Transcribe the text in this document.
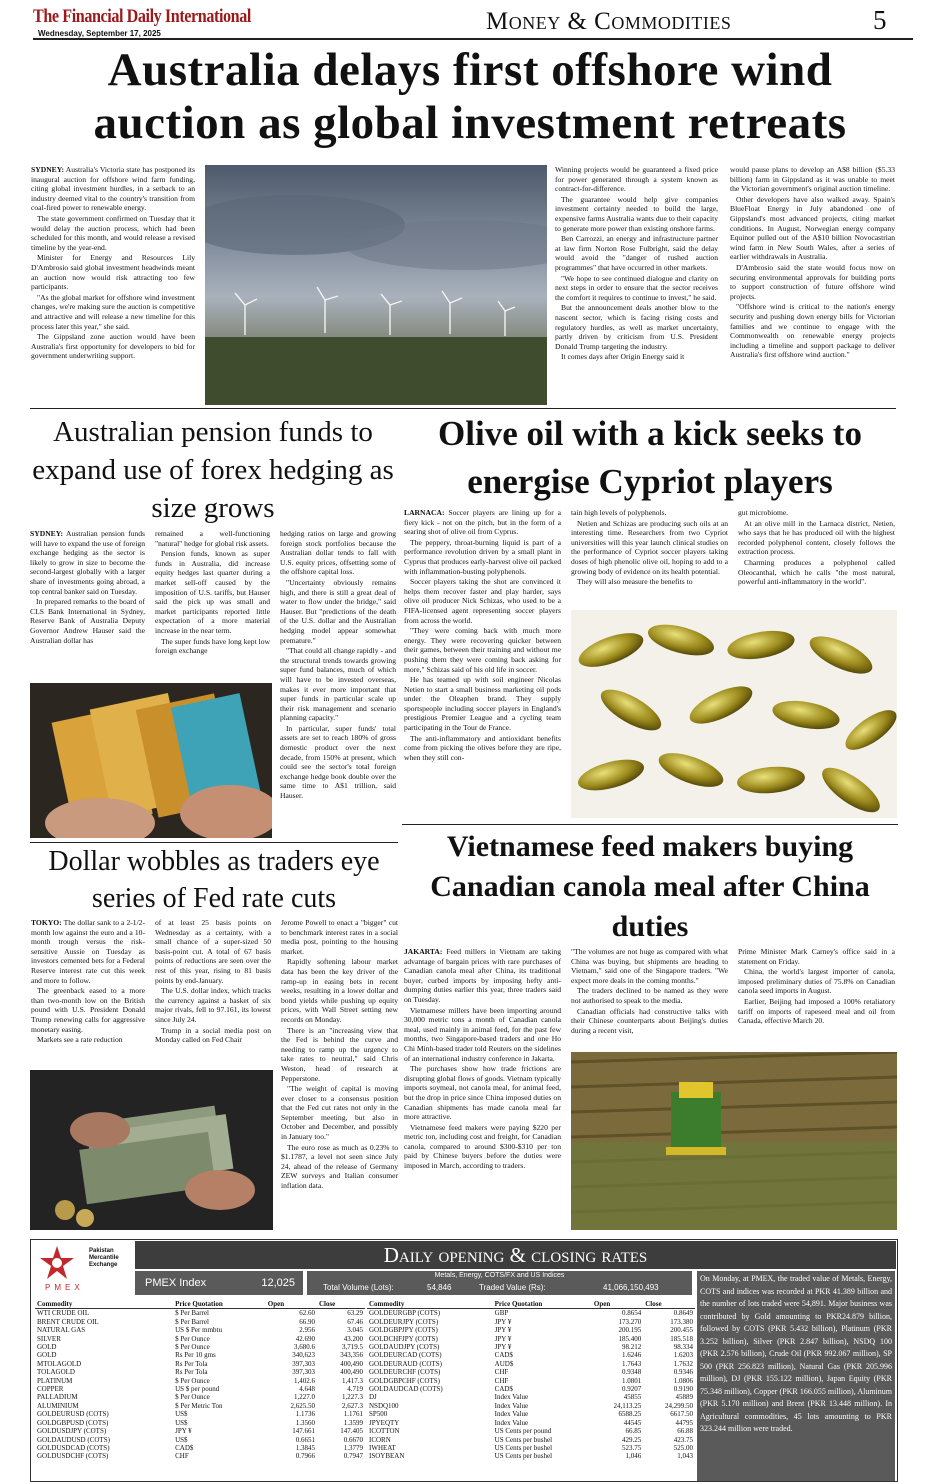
The Financial Daily International
Wednesday, September 17, 2025	Money & Commodities	5
Australia delays first offshore wind auction as global investment retreats

SYDNEY: Australia's Victoria state has postponed its inaugural auction for offshore wind farm funding, citing global investment hurdles, in a setback to an industry deemed vital to the country's transition from coal-fired power to renewable energy.

The state government confirmed on Tuesday that it would delay the auction process, which had been scheduled for this month, and would release a revised timeline by the year-end.

Minister for Energy and Resources Lily D'Ambrosio said global investment headwinds meant an auction now would risk attracting too few participants.

"As the global market for offshore wind investment changes, we're making sure the auction is competitive and attractive and will release a new timeline for this process later this year," she said.

The Gippsland zone auction would have been Australia's first opportunity for developers to bid for government underwriting support.

Winning projects would be guaranteed a fixed price for power generated through a system known as contract-for-difference.

The guarantee would help give companies investment certainty needed to build the large, expensive farms Australia wants due to their capacity to generate more power than existing onshore farms.

Ben Carrozzi, an energy and infrastructure partner at law firm Norton Rose Fulbright, said the delay would avoid the "danger of rushed auction programmes" that have occurred in other markets.

"We hope to see continued dialogue and clarity on next steps in order to ensure that the sector receives the comfort it requires to continue to invest," he said.

But the announcement deals another blow to the nascent sector, which is facing rising costs and regulatory hurdles, as well as market uncertainty, partly driven by criticism from U.S. President Donald Trump targeting the industry.

It comes days after Origin Energy said it

would pause plans to develop an A$8 billion ($5.33 billion) farm in Gippsland as it was unable to meet the Victorian government's original auction timeline.

Other developers have also walked away. Spain's BlueFloat Energy in July abandoned one of Gippsland's most advanced projects, citing market conditions. In August, Norwegian energy company Equinor pulled out of the A$10 billion Novocastrian wind farm in New South Wales, after a series of earlier withdrawals in Australia.

D'Ambrosio said the state would focus now on securing environmental approvals for building ports to support construction of future offshore wind projects.

"Offshore wind is critical to the nation's energy security and pushing down energy bills for Victorian families and we continue to engage with the Commonwealth on renewable energy projects including a timeline and support package to deliver Australia's first offshore wind auction."

Australian pension funds to expand use of forex hedging as size grows

SYDNEY: Australian pension funds will have to expand the use of foreign exchange hedging as the sector is likely to grow in size to become the second-largest globally with a larger share of investments going abroad, a top central banker said on Tuesday.

In prepared remarks to the board of CLS Bank International in Sydney, Reserve Bank of Australia Deputy Governor Andrew Hauser said the Australian dollar has

remained a well-functioning "natural" hedge for global risk assets.

Pension funds, known as super funds in Australia, did increase equity hedges last quarter during a market sell-off caused by the imposition of U.S. tariffs, but Hauser said the pick up was small and market participants reported little expectation of a more material increase in the near term.

The super funds have long kept low foreign exchange

hedging ratios on large and growing foreign stock portfolios because the Australian dollar tends to fall with U.S. equity prices, offsetting some of the offshore capital loss.

"Uncertainty obviously remains high, and there is still a great deal of water to flow under the bridge," said Hauser. But "predictions of the death of the U.S. dollar and the Australian hedging model appear somewhat premature."

"That could all change rapidly - and the structural trends towards growing super fund balances, much of which will have to be invested overseas, makes it ever more important that super funds in particular scale up their risk management and scenario planning capacity."

In particular, super funds' total assets are set to reach 180% of gross domestic product over the next decade, from 150% at present, which could see the sector's total foreign exchange hedge book double over the same time to A$1 trillion, said Hauser.

Olive oil with a kick seeks to energise Cypriot players

LARNACA: Soccer players are lining up for a fiery kick - not on the pitch, but in the form of a searing shot of olive oil from Cyprus.

The peppery, throat-burning liquid is part of a performance revolution driven by a small plant in Cyprus that produces early-harvest olive oil packed with inflammation-busting polyphenols.

Soccer players taking the shot are convinced it helps them recover faster and play harder, says olive oil producer Nick Schizas, who used to be a FIFA-licensed agent representing soccer players from across the world.

"They were coming back with much more energy. They were recovering quicker between their games, between their training and without me pushing them they were coming back asking for more," Schizas said of his old life in soccer.

He has teamed up with soil engineer Nicolas Netien to start a small business marketing oil pods under the Oleaphen brand. They supply sportspeople including soccer players in England's prestigious Premier League and a cycling team participating in the Tour de France.

The anti-inflammatory and antioxidant benefits come from picking the olives before they are ripe, when they still con-

tain high levels of polyphenols.

Netien and Schizas are producing such oils at an interesting time. Researchers from two Cypriot universities will this year launch clinical studies on the performance of Cypriot soccer players taking doses of high phenolic olive oil, hoping to add to a growing body of evidence on its health potential.

They will also measure the benefits to

gut microbiome.

At an olive mill in the Larnaca district, Netien, who says that he has produced oil with the highest recorded polyphenol content, closely follows the extraction process.

Charming produces a polyphenol called Oleocanthal, which he calls "the most natural, powerful anti-inflammatory in the world".

Dollar wobbles as traders eye series of Fed rate cuts

TOKYO: The dollar sank to a 2-1/2-month low against the euro and a 10-month trough versus the risk-sensitive Aussie on Tuesday as investors cemented bets for a Federal Reserve interest rate cut this week and more to follow.

The greenback eased to a more than two-month low on the British pound with U.S. President Donald Trump renewing calls for aggressive monetary easing.

Markets see a rate reduction

of at least 25 basis points on Wednesday as a certainty, with a small chance of a super-sized 50 basis-point cut. A total of 67 basis points of reductions are seen over the rest of this year, rising to 81 basis points by end-January.

The U.S. dollar index, which tracks the currency against a basket of six major rivals, fell to 97.161, its lowest since July 24.

Trump in a social media post on Monday called on Fed Chair

Jerome Powell to enact a "bigger" cut to benchmark interest rates in a social media post, pointing to the housing market.

Rapidly softening labour market data has been the key driver of the ramp-up in easing bets in recent weeks, resulting in a lower dollar and bond yields while pushing up equity prices, with Wall Street setting new records on Monday.

There is an "increasing view that the Fed is behind the curve and needing to ramp up the urgency to take rates to neutral," said Chris Weston, head of research at Pepperstone.

"The weight of capital is moving ever closer to a consensus position that the Fed cut rates not only in the September meeting, but also in October and December, and possibly in January too."

The euro rose as much as 0.23% to $1.1787, a level not seen since July 24, ahead of the release of Germany ZEW surveys and Italian consumer inflation data.

Vietnamese feed makers buying Canadian canola meal after China duties

JAKARTA: Feed millers in Vietnam are taking advantage of bargain prices with rare purchases of Canadian canola meal after China, its traditional buyer, curbed imports by imposing hefty anti-dumping duties earlier this year, three traders said on Tuesday.

Vietnamese millers have been importing around 30,000 metric tons a month of Canadian canola meal, used mainly in animal feed, for the past few months, two Singapore-based traders and one Ho Chi Minh-based trader told Reuters on the sidelines of an international industry conference in Jakarta.

The purchases show how trade frictions are disrupting global flows of goods. Vietnam typically imports soymeal, not canola meal, for animal feed, but the drop in price since China imposed duties on Canadian shipments has made canola meal far more attractive.

Vietnamese feed makers were paying $220 per metric ton, including cost and freight, for Canadian canola, compared to around $300-$310 per ton paid by Chinese buyers before the duties were imposed in March, according to traders.

"The volumes are not huge as compared with what China was buying, but shipments are heading to Vietnam," said one of the Singapore traders. "We expect more deals in the coming months."

The traders declined to be named as they were not authorised to speak to the media.

Canadian officials had constructive talks with their Chinese counterparts about Beijing's duties during a recent visit,

Prime Minister Mark Carney's office said in a statement on Friday.

China, the world's largest importer of canola, imposed preliminary duties of 75.8% on Canadian canola seed imports in August.

Earlier, Beijing had imposed a 100% retaliatory tariff on imports of rapeseed meal and oil from Canada, effective March 20.

Pakistan Mercantile Exchange
PMEX
Daily opening & closing rates
PMEX Index	12,025
Metals, Energy, COTS/FX and US Indices
Total Volume (Lots):	54,846	Traded Value (Rs):	41,066,150,493
Commodity	Price Quotation	Open	Close
WTI CRUDE OIL	$ Per Barrel	62.60	63.29
BRENT CRUDE OIL	$ Per Barrel	66.90	67.46
NATURAL GAS	US $ Per mmbtu	2.956	3.045
SILVER	$ Per Ounce	42.690	43.200
GOLD	$ Per Ounce	3,680.6	3,719.5
GOLD	Rs Per 10 gms	340,623	343,356
MTOLAGOLD	Rs Per Tola	397,303	400,490
TOLAGOLD	Rs Per Tola	397,303	400,490
PLATINUM	$ Per Ounce	1,402.6	1,417.3
COPPER	US $ per pound	4.648	4.719
PALLADIUM	$ Per Ounce	1,227.0	1,227.3
ALUMINIUM	$ Per Metric Ton	2,625.50	2,627.3
GOLDEURUSD (COTS)	US$	1.1736	1.1761
GOLDGBPUSD (COTS)	US$	1.3560	1.3599
GOLDUSDJPY (COTS)	JPY ¥	147.661	147.405
GOLDAUDUSD (COTS)	US$	0.6651	0.6670
GOLDUSDCAD (COTS)	CAD$	1.3845	1.3779
GOLDUSDCHF (COTS)	CHF	0.7966	0.7947
Commodity	Price Quotation	Open	Close
GOLDEURGBP (COTS)	GBP	0.8654	0.8649
GOLDEURJPY (COTS)	JPY ¥	173.270	173.380
GOLDGBPJPY (COTS)	JPY ¥	200.195	200.455
GOLDCHFJPY (COTS)	JPY ¥	185.400	185.518
GOLDAUDJPY (COTS)	JPY ¥	98.212	98.334
GOLDEURCAD (COTS)	CAD$	1.6246	1.6203
GOLDEURAUD (COTS)	AUD$	1.7643	1.7632
GOLDEURCHF (COTS)	CHF	0.9348	0.9346
GOLDGBPCHF (COTS)	CHF	1.0801	1.0806
GOLDAUDCAD (COTS)	CAD$	0.9207	0.9190
DJ	Index Value	45855	45889
NSDQ100	Index Value	24,113.25	24,299.50
SP500	Index Value	6588.25	6617.50
JPYEQTY	Index Value	44545	44795
ICOTTON	US Cents per pound	66.85	66.88
ICORN	US Cents per bushel	429.25	423.75
IWHEAT	US Cents per bushel	523.75	525.00
ISOYBEAN	US Cents per bushel	1,046	1,043
On Monday, at PMEX, the traded value of Metals, Energy, COTS and indices was recorded at PKR 41.389 billion and the number of lots traded were 54,891. Major business was contributed by Gold amounting to PKR24.879 billion, followed by COTS (PKR 5.432 billion), Platinum (PKR 3.252 billion), Silver (PKR 2.847 billion), NSDQ 100 (PKR 2.576 billion), Crude Oil (PKR 992.067 million), SP 500 (PKR 256.823 million), Natural Gas (PKR 205.996 million), DJ (PKR 155.122 million), Japan Equity (PKR 75.348 million), Copper (PKR 166.055 million), Aluminum (PKR 5.170 million) and Brent (PKR 13.448 million). In Agricultural commodities, 45 lots amounting to PKR 323.244 million were traded.
